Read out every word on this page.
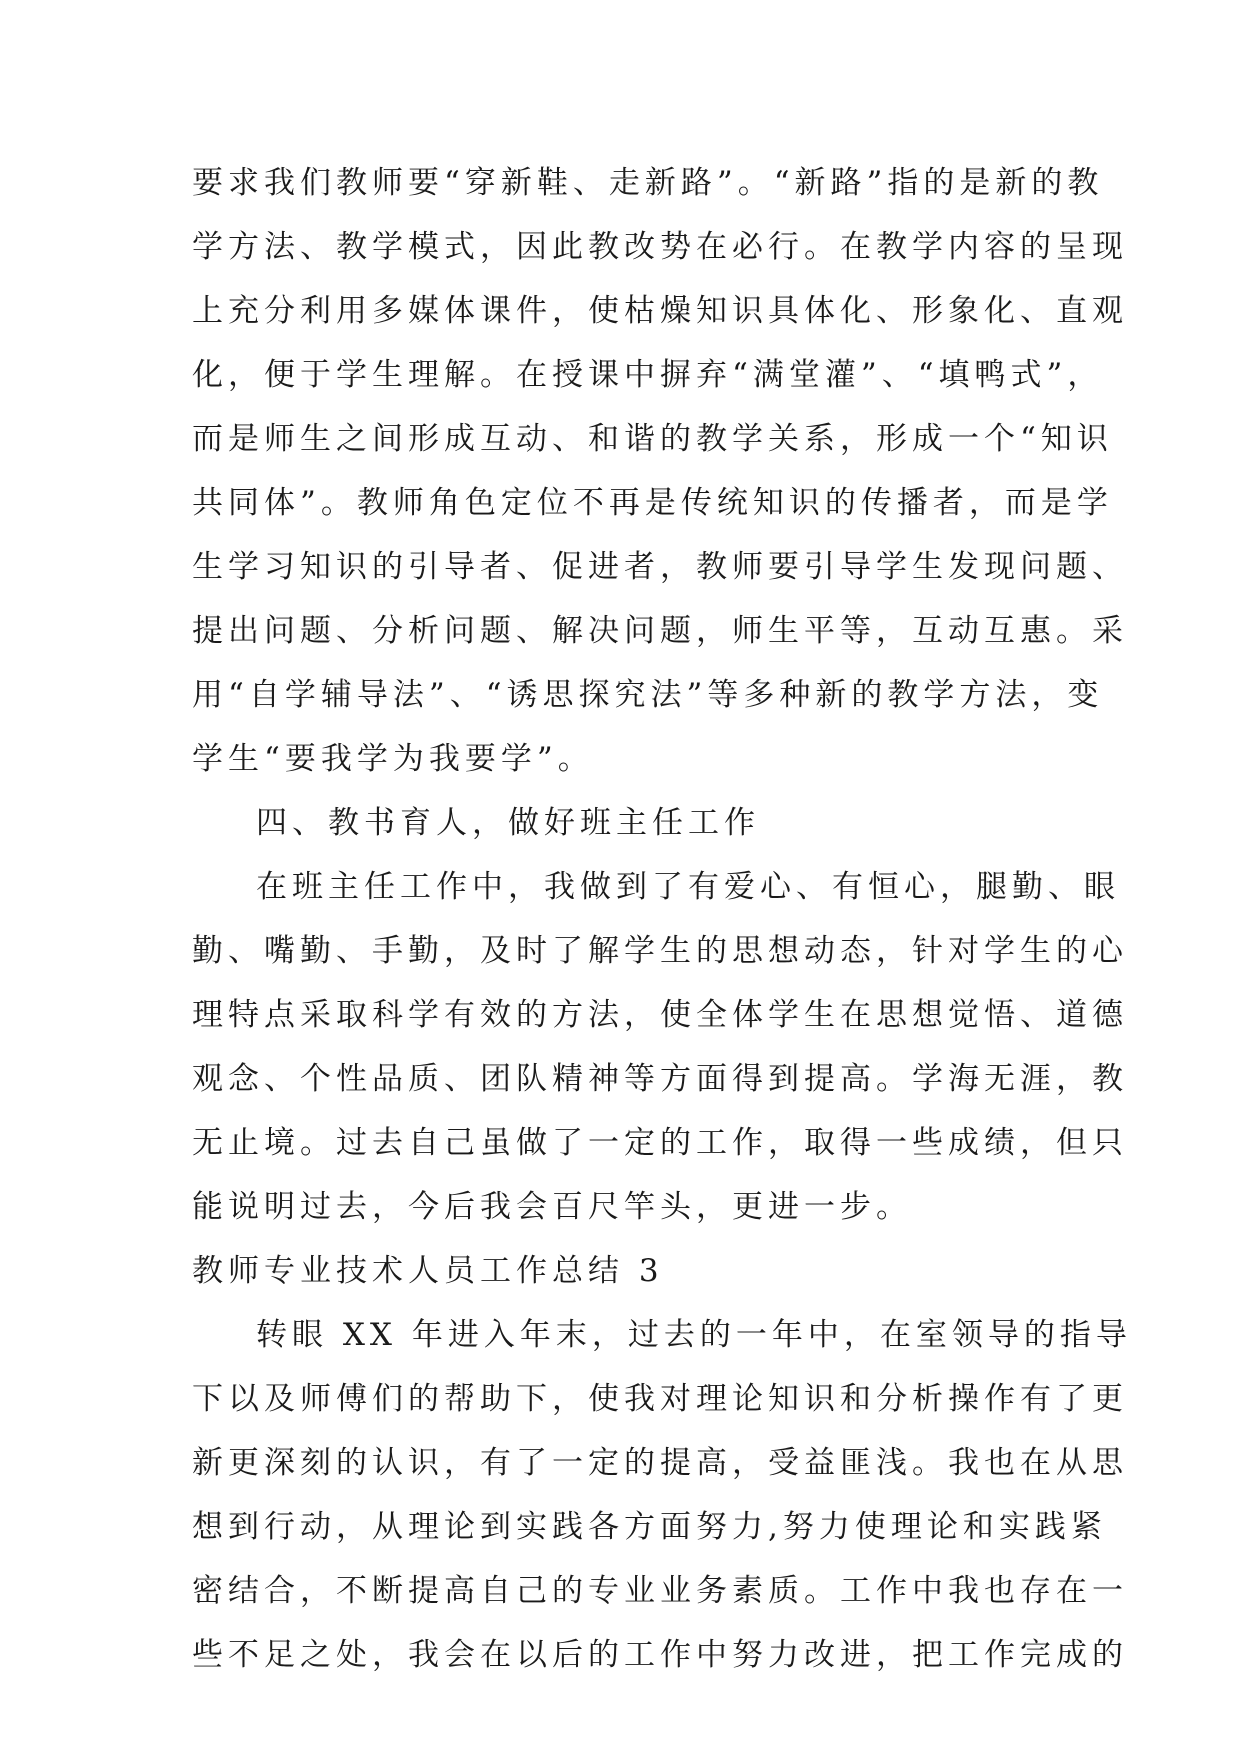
要求我们教师要“穿新鞋、走新路”。“新路”指的是新的教
学方法、教学模式，因此教改势在必行。在教学内容的呈现
上充分利用多媒体课件，使枯燥知识具体化、形象化、直观
化，便于学生理解。在授课中摒弃“满堂灌”、“填鸭式”，
而是师生之间形成互动、和谐的教学关系，形成一个“知识
共同体”。教师角色定位不再是传统知识的传播者，而是学
生学习知识的引导者、促进者，教师要引导学生发现问题、
提出问题、分析问题、解决问题，师生平等，互动互惠。采
用“自学辅导法”、“诱思探究法”等多种新的教学方法，变
学生“要我学为我要学”。
四、教书育人，做好班主任工作
在班主任工作中，我做到了有爱心、有恒心，腿勤、眼
勤、嘴勤、手勤，及时了解学生的思想动态，针对学生的心
理特点采取科学有效的方法，使全体学生在思想觉悟、道德
观念、个性品质、团队精神等方面得到提高。学海无涯，教
无止境。过去自己虽做了一定的工作，取得一些成绩，但只
能说明过去，今后我会百尺竿头，更进一步。
教师专业技术人员工作总结 3
转眼 XX 年进入年末，过去的一年中，在室领导的指导
下以及师傅们的帮助下，使我对理论知识和分析操作有了更
新更深刻的认识，有了一定的提高，受益匪浅。我也在从思
想到行动，从理论到实践各方面努力,努力使理论和实践紧
密结合，不断提高自己的专业业务素质。工作中我也存在一
些不足之处，我会在以后的工作中努力改进，把工作完成的
